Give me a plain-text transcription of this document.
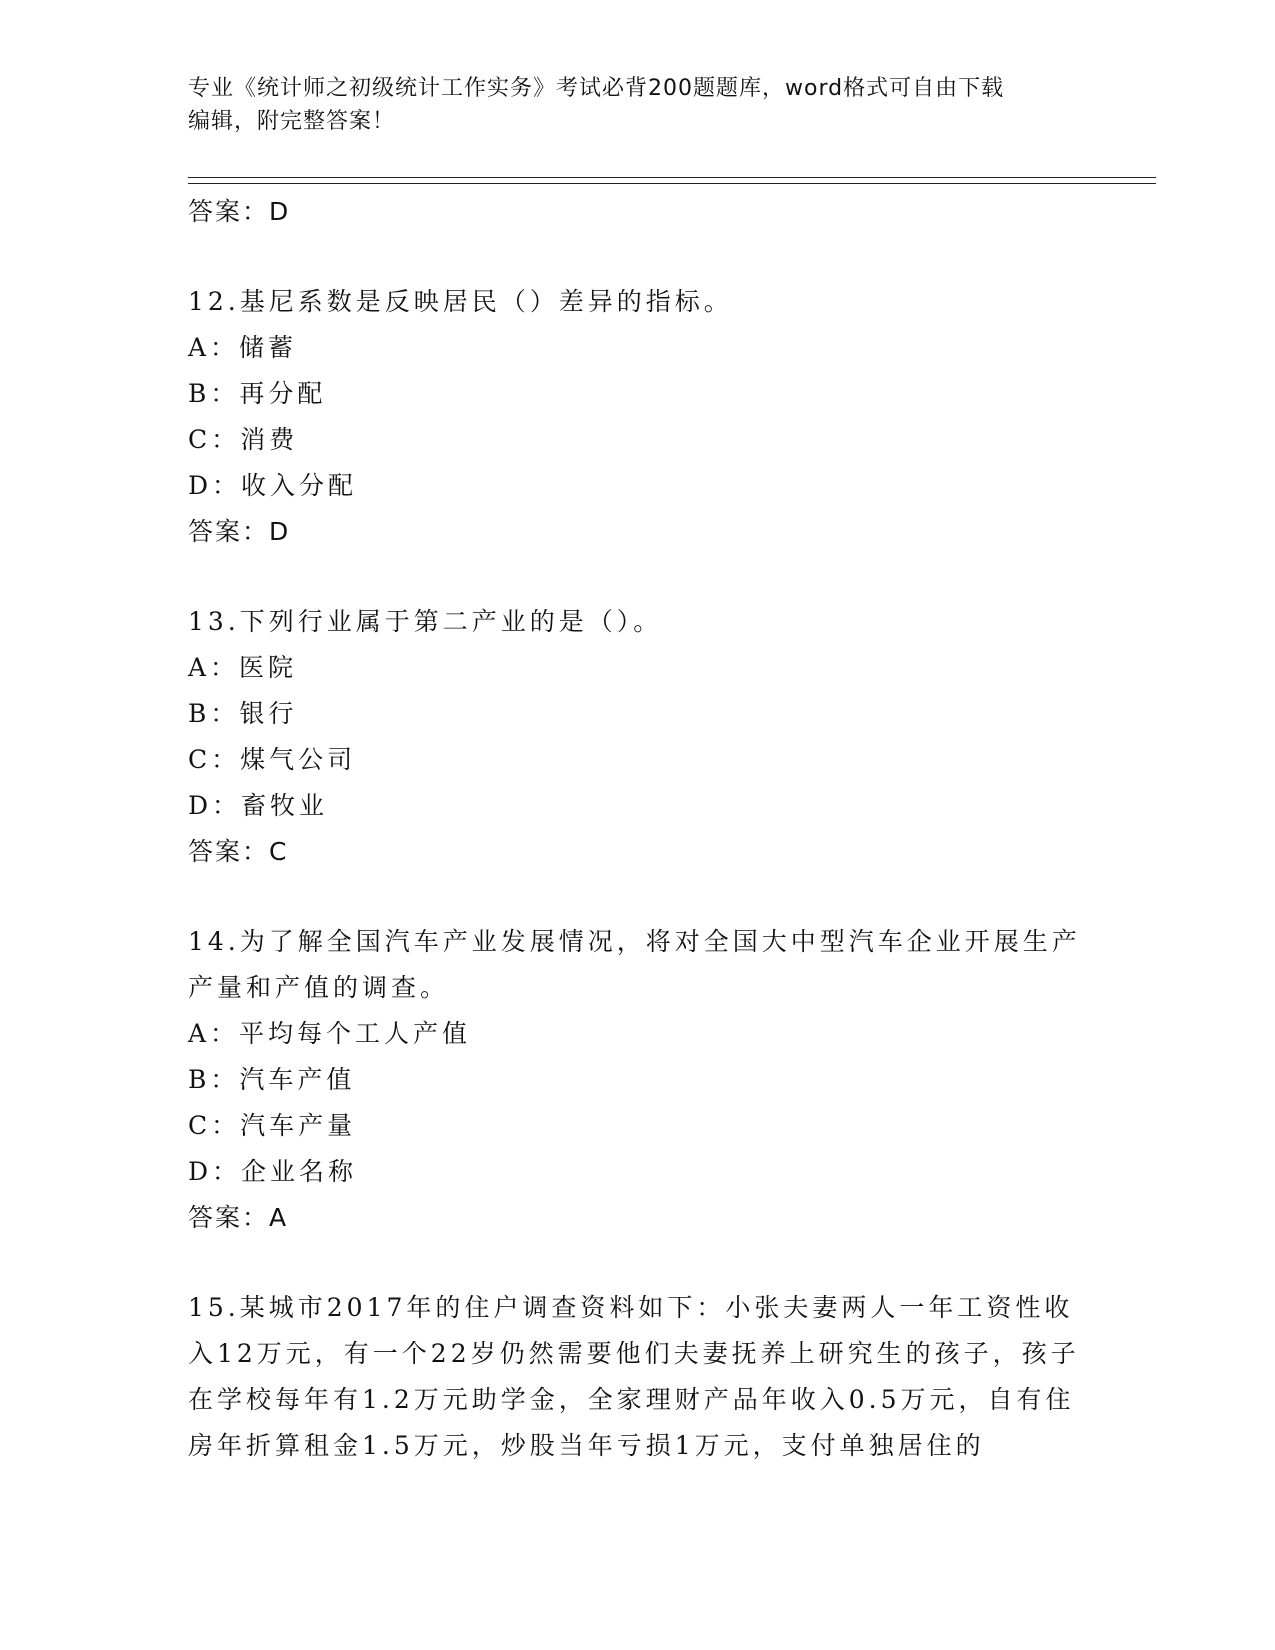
专业《统计师之初级统计工作实务》考试必背200题题库，word格式可自由下载
编辑，附完整答案！
答案：D
12.基尼系数是反映居民（）差异的指标。
A：储蓄
B：再分配
C：消费
D：收入分配
答案：D
13.下列行业属于第二产业的是（）。
A：医院
B：银行
C：煤气公司
D：畜牧业
答案：C
14.为了解全国汽车产业发展情况，将对全国大中型汽车企业开展生产产量和产值的调查。
A：平均每个工人产值
B：汽车产值
C：汽车产量
D：企业名称
答案：A
15.某城市2017年的住户调查资料如下：小张夫妻两人一年工资性收入12万元，有一个22岁仍然需要他们夫妻抚养上研究生的孩子，孩子在学校每年有1.2万元助学金，全家理财产品年收入0.5万元，自有住房年折算租金1.5万元，炒股当年亏损1万元，支付单独居住的
